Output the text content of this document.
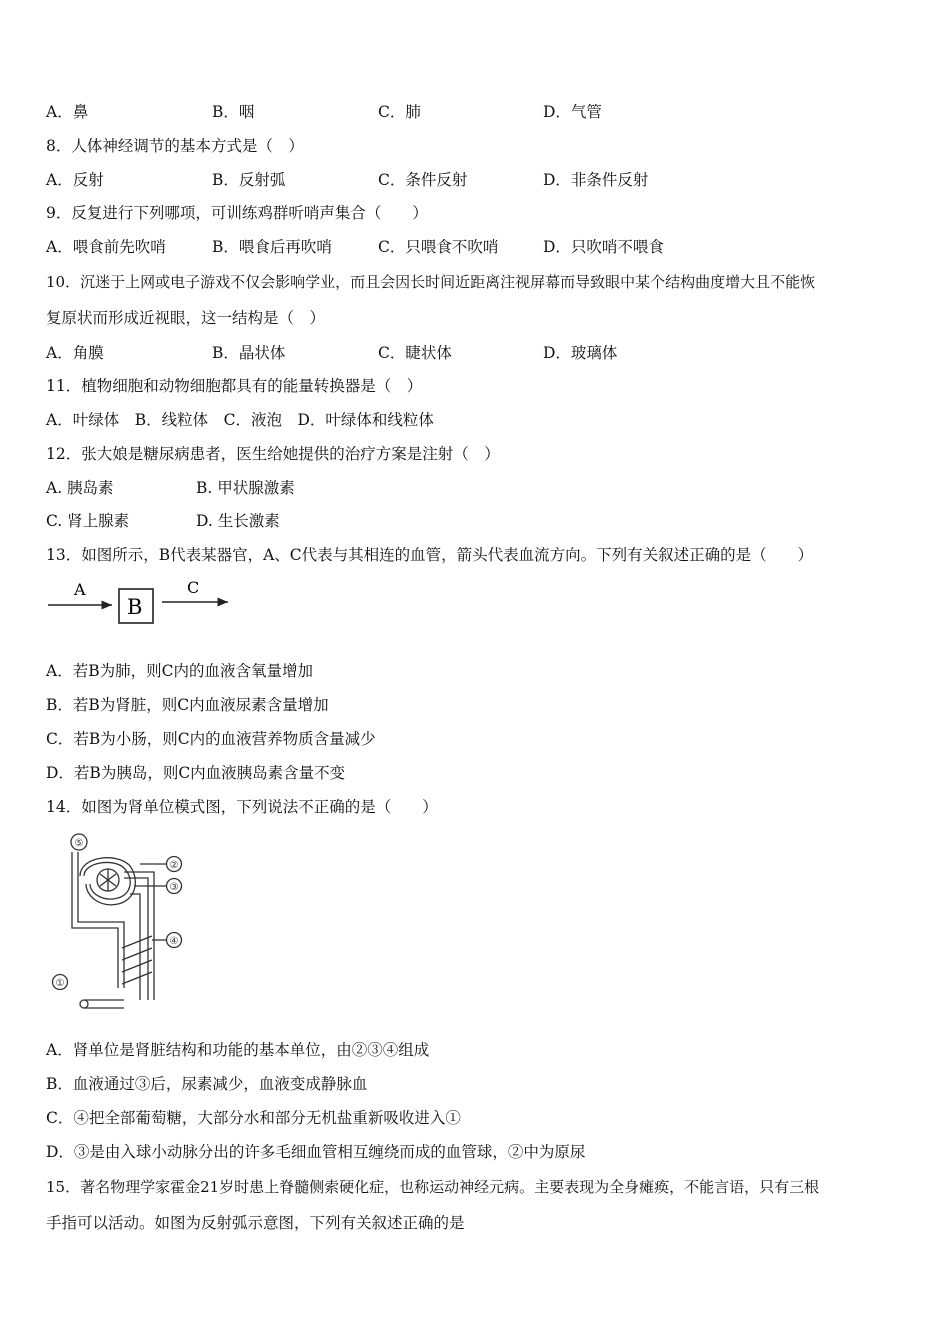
A．鼻	B．咽	C．肺	D．气管
8．人体神经调节的基本方式是（　）
A．反射	B．反射弧	C．条件反射	D．非条件反射
9．反复进行下列哪项，可训练鸡群听哨声集合（　　）
A．喂食前先吹哨	B．喂食后再吹哨	C．只喂食不吹哨	D．只吹哨不喂食
10．沉迷于上网或电子游戏不仅会影响学业，而且会因长时间近距离注视屏幕而导致眼中某个结构曲度增大且不能恢
复原状而形成近视眼，这一结构是（　）
A．角膜	B．晶状体	C．睫状体	D．玻璃体
11．植物细胞和动物细胞都具有的能量转换器是（　）
A．叶绿体　B．线粒体　C．液泡　D．叶绿体和线粒体
12．张大娘是糖尿病患者，医生给她提供的治疗方案是注射（　）
A. 胰岛素	B. 甲状腺激素
C. 肾上腺素	D. 生长激素
13．如图所示，B代表某器官，A、C代表与其相连的血管，箭头代表血流方向。下列有关叙述正确的是（　　）
A
B
C
A．若B为肺，则C内的血液含氧量增加
B．若B为肾脏，则C内血液尿素含量增加
C．若B为小肠，则C内的血液营养物质含量减少
D．若B为胰岛，则C内血液胰岛素含量不变
14．如图为肾单位模式图，下列说法不正确的是（　　）
⑤
②
③
④
①
A．肾单位是肾脏结构和功能的基本单位，由②③④组成
B．血液通过③后，尿素减少，血液变成静脉血
C．④把全部葡萄糖，大部分水和部分无机盐重新吸收进入①
D．③是由入球小动脉分出的许多毛细血管相互缠绕而成的血管球，②中为原尿
15．著名物理学家霍金21岁时患上脊髓侧索硬化症，也称运动神经元病。主要表现为全身瘫痪，不能言语，只有三根
手指可以活动。如图为反射弧示意图，下列有关叙述正确的是
